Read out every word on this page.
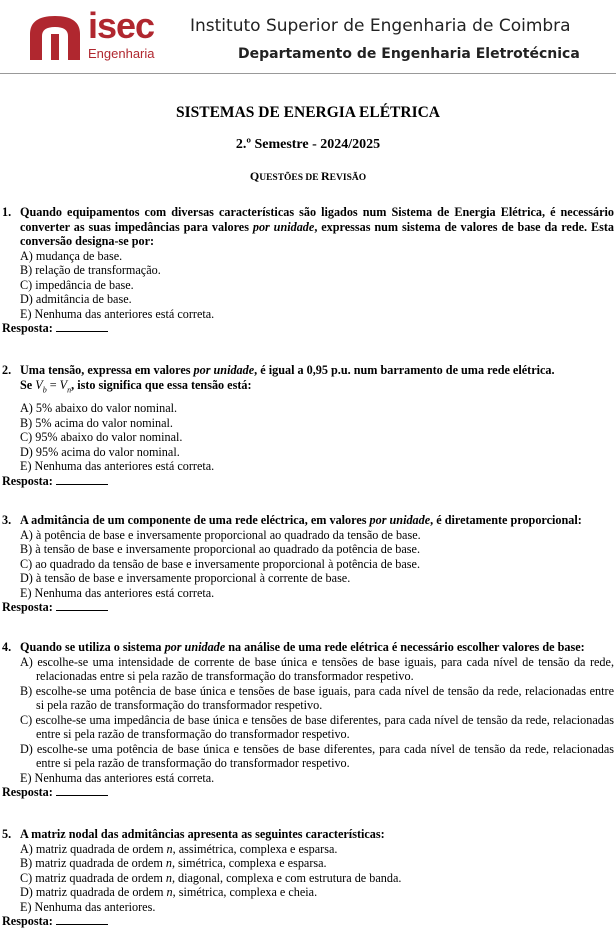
isec
Engenharia
Instituto Superior de Engenharia de Coimbra
Departamento de Engenharia Eletrotécnica
SISTEMAS DE ENERGIA ELÉTRICA
2.º Semestre - 2024/2025
QUESTÕES DE REVISÃO
1. Quando equipamentos com diversas características são ligados num Sistema de Energia Elétrica, é necessário converter as suas impedâncias para valores por unidade, expressas num sistema de valores de base da rede. Esta conversão designa-se por:
A) mudança de base.
B) relação de transformação.
C) impedância de base.
D) admitância de base.
E) Nenhuma das anteriores está correta.
Resposta:
2. Uma tensão, expressa em valores por unidade, é igual a 0,95 p.u. num barramento de uma rede elétrica.
Se $V_b = V_n$, isto significa que essa tensão está:
A) 5% abaixo do valor nominal.
B) 5% acima do valor nominal.
C) 95% abaixo do valor nominal.
D) 95% acima do valor nominal.
E) Nenhuma das anteriores está correta.
Resposta:
3. A admitância de um componente de uma rede eléctrica, em valores por unidade, é diretamente proporcional:
A) à potência de base e inversamente proporcional ao quadrado da tensão de base.
B) à tensão de base e inversamente proporcional ao quadrado da potência de base.
C) ao quadrado da tensão de base e inversamente proporcional à potência de base.
D) à tensão de base e inversamente proporcional à corrente de base.
E) Nenhuma das anteriores está correta.
Resposta:
4. Quando se utiliza o sistema por unidade na análise de uma rede elétrica é necessário escolher valores de base:
A) escolhe-se uma intensidade de corrente de base única e tensões de base iguais, para cada nível de tensão da rede, relacionadas entre si pela razão de transformação do transformador respetivo.
B) escolhe-se uma potência de base única e tensões de base iguais, para cada nível de tensão da rede, relacionadas entre si pela razão de transformação do transformador respetivo.
C) escolhe-se uma impedância de base única e tensões de base diferentes, para cada nível de tensão da rede, relacionadas entre si pela razão de transformação do transformador respetivo.
D) escolhe-se uma potência de base única e tensões de base diferentes, para cada nível de tensão da rede, relacionadas entre si pela razão de transformação do transformador respetivo.
E) Nenhuma das anteriores está correta.
Resposta:
5. A matriz nodal das admitâncias apresenta as seguintes características:
A) matriz quadrada de ordem n, assimétrica, complexa e esparsa.
B) matriz quadrada de ordem n, simétrica, complexa e esparsa.
C) matriz quadrada de ordem n, diagonal, complexa e com estrutura de banda.
D) matriz quadrada de ordem n, simétrica, complexa e cheia.
E) Nenhuma das anteriores.
Resposta:
